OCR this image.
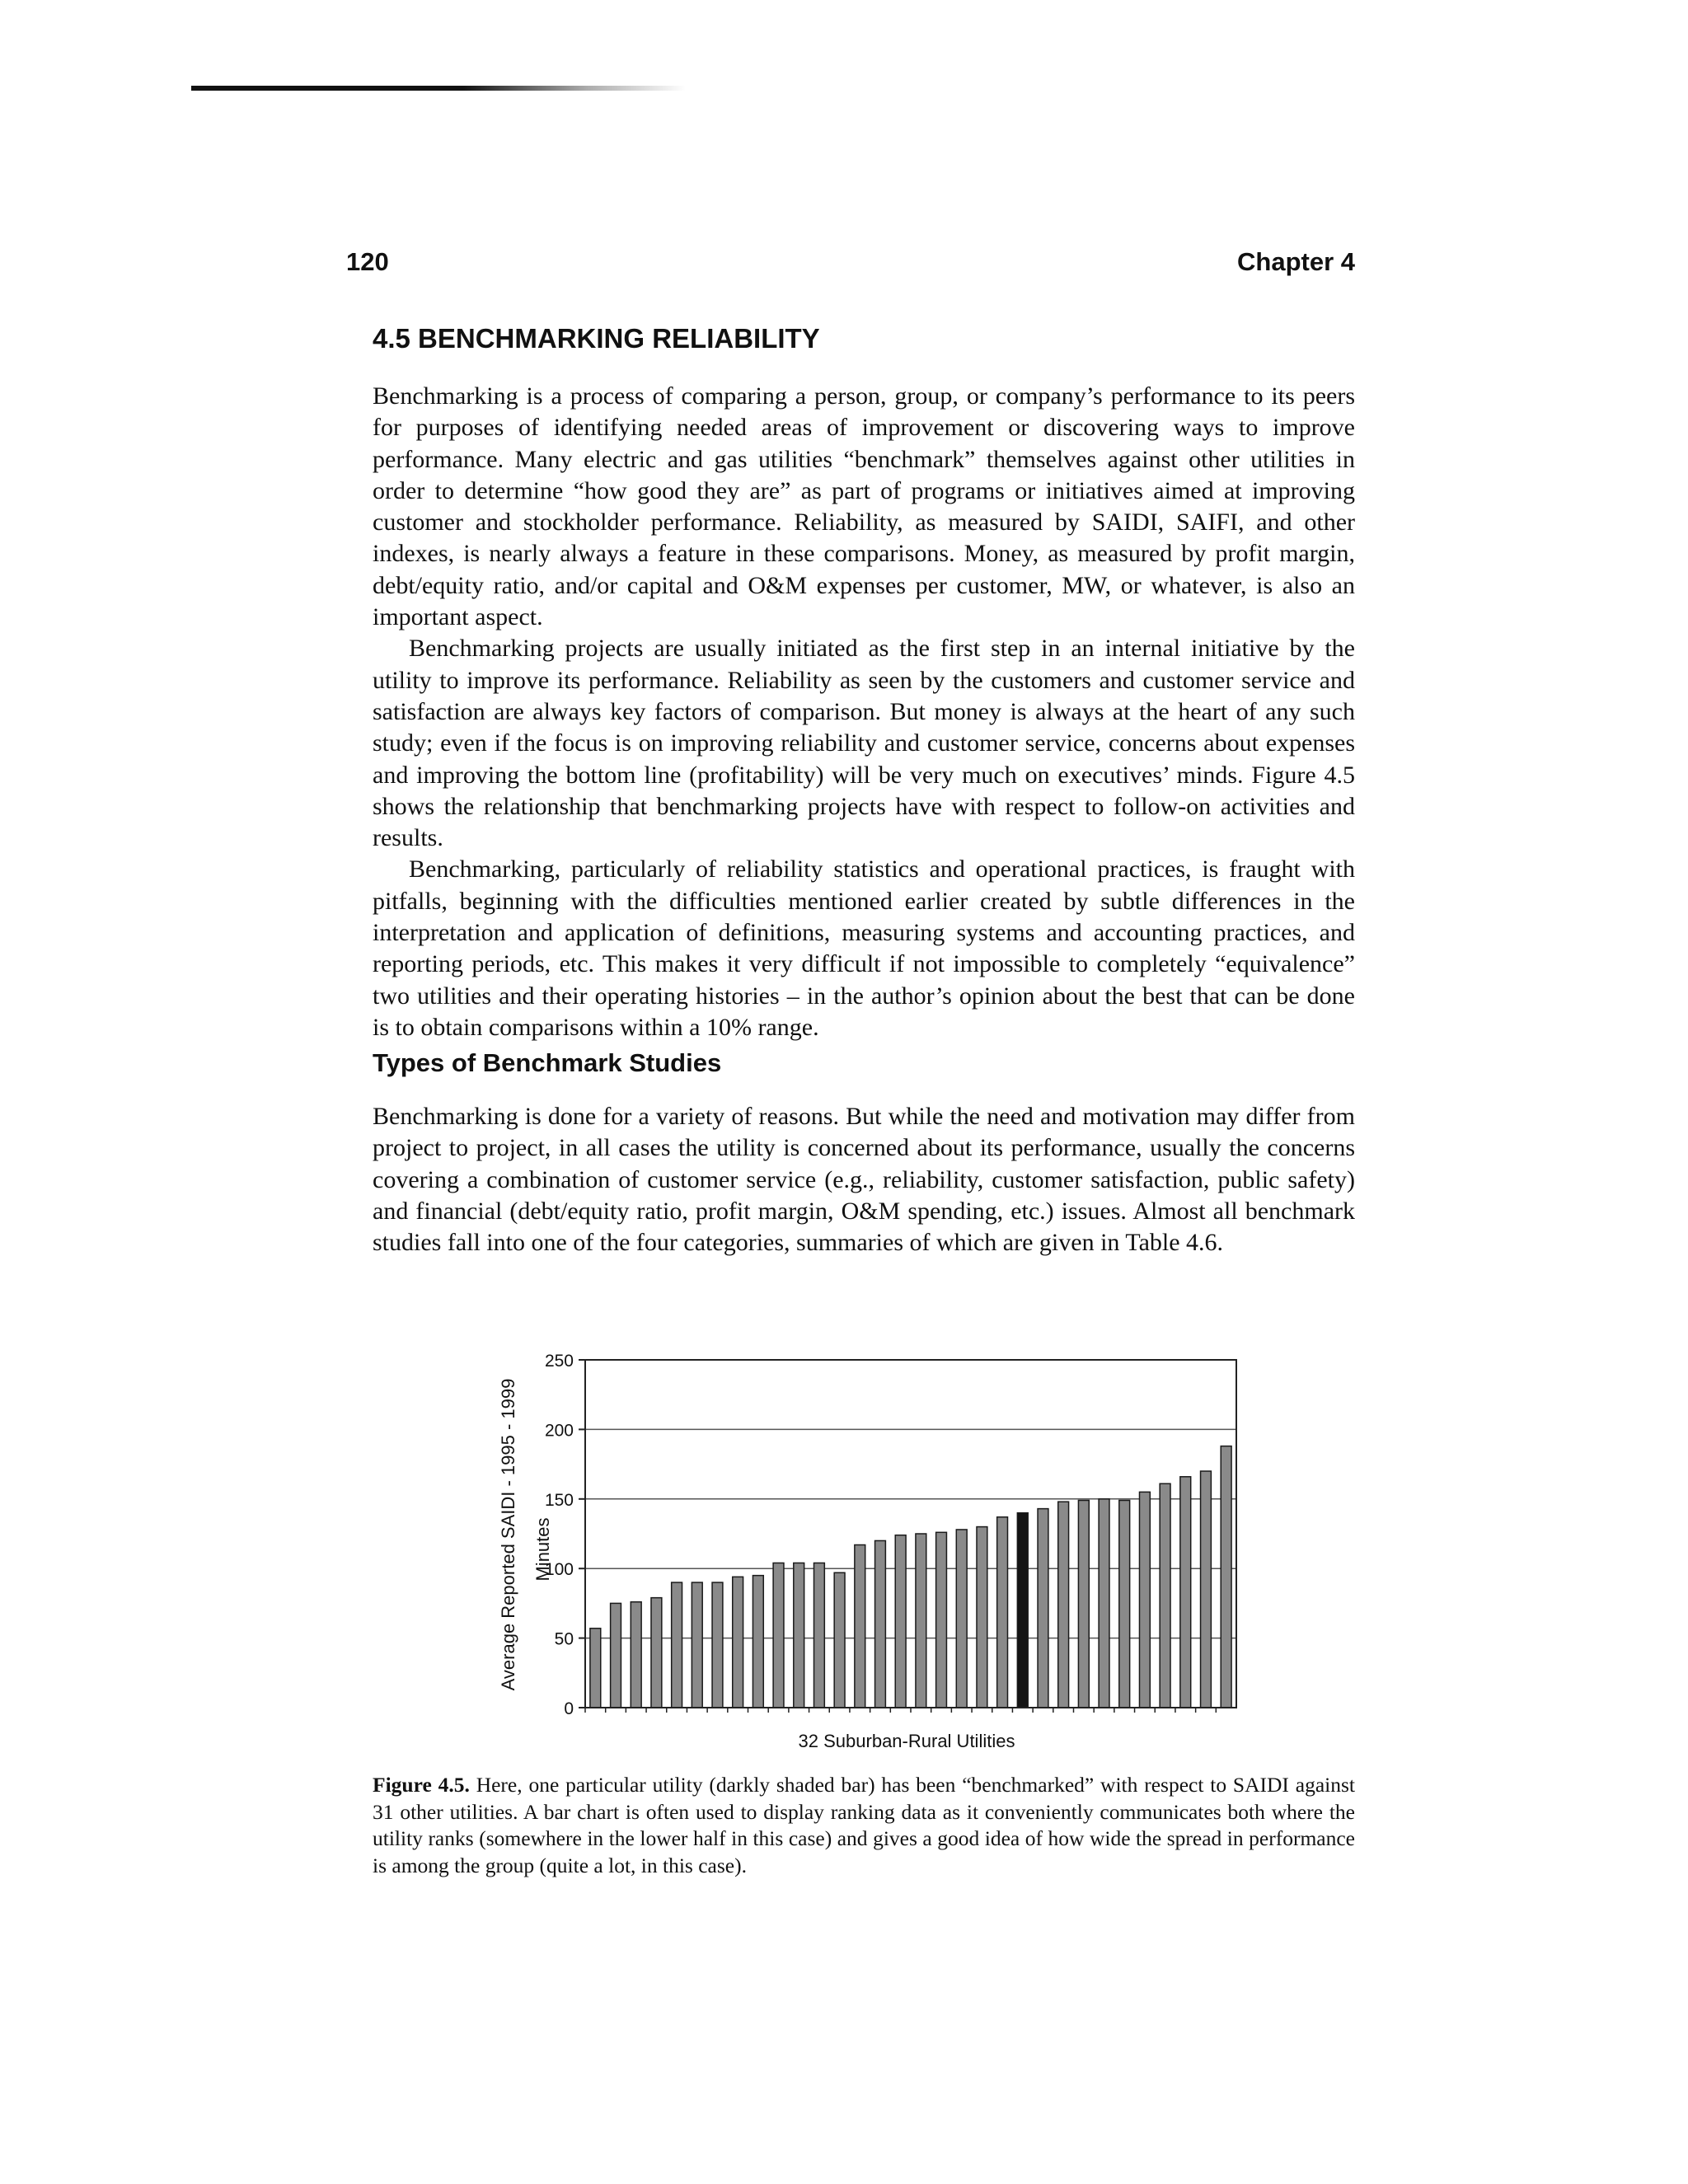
120	Chapter 4
4.5 BENCHMARKING RELIABILITY

Benchmarking is a process of comparing a person, group, or company’s performance to its peers for purposes of identifying needed areas of improvement or discovering ways to improve performance. Many electric and gas utilities “benchmark” themselves against other utilities in order to determine “how good they are” as part of programs or initiatives aimed at improving customer and stockholder performance. Reliability, as measured by SAIDI, SAIFI, and other indexes, is nearly always a feature in these comparisons. Money, as measured by profit margin, debt/equity ratio, and/or capital and O&M expenses per customer, MW, or whatever, is also an important aspect.

Benchmarking projects are usually initiated as the first step in an internal initiative by the utility to improve its performance. Reliability as seen by the customers and customer service and satisfaction are always key factors of comparison. But money is always at the heart of any such study; even if the focus is on improving reliability and customer service, concerns about expenses and improving the bottom line (profitability) will be very much on executives’ minds. Figure 4.5 shows the relationship that benchmarking projects have with respect to follow-on activities and results.

Benchmarking, particularly of reliability statistics and operational practices, is fraught with pitfalls, beginning with the difficulties mentioned earlier created by subtle differences in the interpretation and application of definitions, measuring systems and accounting practices, and reporting periods, etc. This makes it very difficult if not impossible to completely “equivalence” two utilities and their operating histories – in the author’s opinion about the best that can be done is to obtain comparisons within a 10% range.

Types of Benchmark Studies

Benchmarking is done for a variety of reasons. But while the need and motivation may differ from project to project, in all cases the utility is concerned about its performance, usually the concerns covering a combination of customer service (e.g., reliability, customer satisfaction, public safety) and financial (debt/equity ratio, profit margin, O&M spending, etc.) issues. Almost all benchmark studies fall into one of the four categories, summaries of which are given in Table 4.6.

Average Reported SAIDI - 1995 - 1999 Minutes
0
50
100
150
200
250
32 Suburban-Rural Utilities

Figure 4.5. Here, one particular utility (darkly shaded bar) has been “benchmarked” with respect to SAIDI against 31 other utilities. A bar chart is often used to display ranking data as it conveniently communicates both where the utility ranks (somewhere in the lower half in this case) and gives a good idea of how wide the spread in performance is among the group (quite a lot, in this case).
